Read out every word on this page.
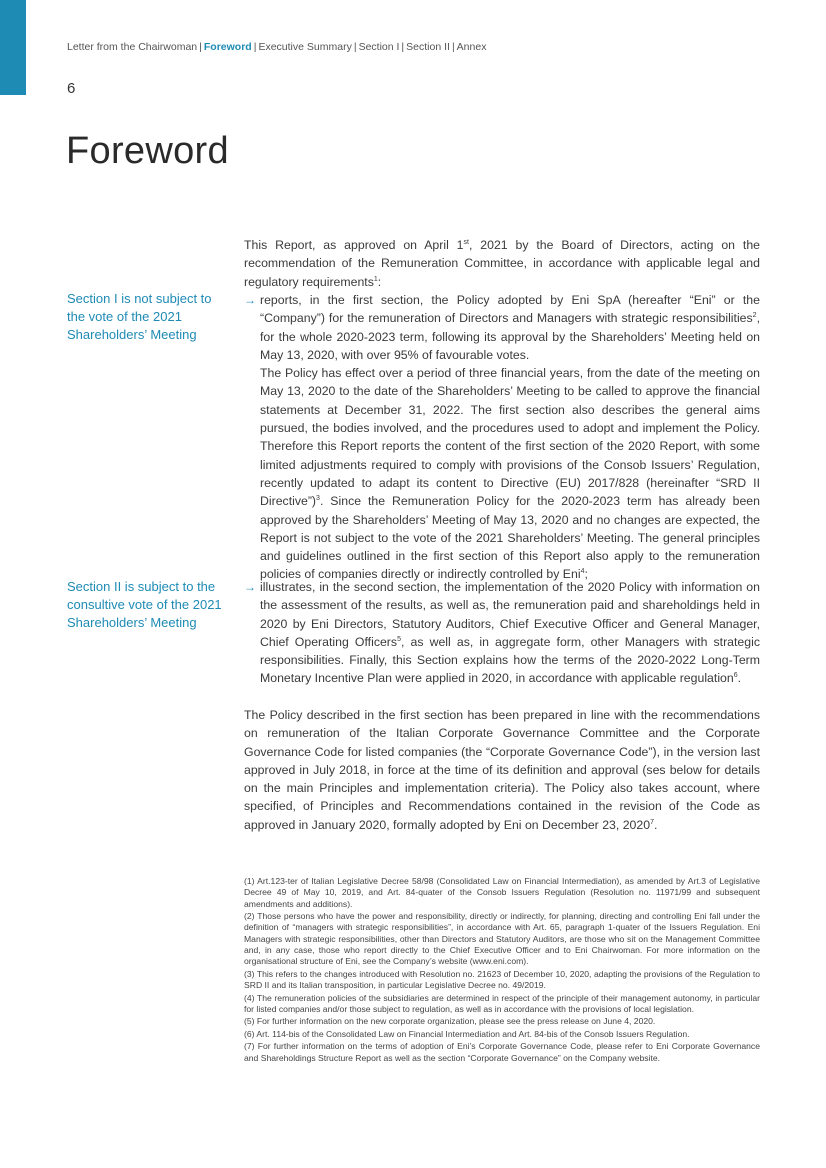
Letter from the Chairwoman | Foreword | Executive Summary | Section I | Section II | Annex
6
Foreword

Section I is not subject to the vote of the 2021 Shareholders’ Meeting

Section II is subject to the consultive vote of the 2021 Shareholders’ Meeting

This Report, as approved on April 1st, 2021 by the Board of Directors, acting on the recommendation of the Remuneration Committee, in accordance with applicable legal and regulatory requirements$^1$:

→ reports, in the first section, the Policy adopted by Eni SpA (hereafter “Eni” or the “Company”) for the remuneration of Directors and Managers with strategic responsibilities$^2$, for the whole 2020-2023 term, following its approval by the Shareholders’ Meeting held on May 13, 2020, with over 95% of favourable votes.

The Policy has effect over a period of three financial years, from the date of the meeting on May 13, 2020 to the date of the Shareholders’ Meeting to be called to approve the financial statements at December 31, 2022. The first section also describes the general aims pursued, the bodies involved, and the procedures used to adopt and implement the Policy. Therefore this Report reports the content of the first section of the 2020 Report, with some limited adjustments required to comply with provisions of the Consob Issuers’ Regulation, recently updated to adapt its content to Directive (EU) 2017/828 (hereinafter “SRD II Directive”)$^3$. Since the Remuneration Policy for the 2020-2023 term has already been approved by the Shareholders’ Meeting of May 13, 2020 and no changes are expected, the Report is not subject to the vote of the 2021 Shareholders’ Meeting. The general principles and guidelines outlined in the first section of this Report also apply to the remuneration policies of companies directly or indirectly controlled by Eni$^4$;

→ illustrates, in the second section, the implementation of the 2020 Policy with information on the assessment of the results, as well as, the remuneration paid and shareholdings held in 2020 by Eni Directors, Statutory Auditors, Chief Executive Officer and General Manager, Chief Operating Officers$^5$, as well as, in aggregate form, other Managers with strategic responsibilities. Finally, this Section explains how the terms of the 2020-2022 Long-Term Monetary Incentive Plan were applied in 2020, in accordance with applicable regulation$^6$.

The Policy described in the first section has been prepared in line with the recommendations on remuneration of the Italian Corporate Governance Committee and the Corporate Governance Code for listed companies (the “Corporate Governance Code”), in the version last approved in July 2018, in force at the time of its definition and approval (ses below for details on the main Principles and implementation criteria). The Policy also takes account, where specified, of Principles and Recommendations contained in the revision of the Code as approved in January 2020, formally adopted by Eni on December 23, 2020$^7$.

(1) Art.123-ter of Italian Legislative Decree 58/98 (Consolidated Law on Financial Intermediation), as amended by Art.3 of Legislative Decree 49 of May 10, 2019, and Art. 84-quater of the Consob Issuers Regulation (Resolution no. 11971/99 and subsequent amendments and additions).

(2) Those persons who have the power and responsibility, directly or indirectly, for planning, directing and controlling Eni fall under the definition of “managers with strategic responsibilities”, in accordance with Art. 65, paragraph 1-quater of the Issuers Regulation. Eni Managers with strategic responsibilities, other than Directors and Statutory Auditors, are those who sit on the Management Committee and, in any case, those who report directly to the Chief Executive Officer and to Eni Chairwoman. For more information on the organisational structure of Eni, see the Company’s website (www.eni.com).

(3) This refers to the changes introduced with Resolution no. 21623 of December 10, 2020, adapting the provisions of the Regulation to SRD II and its Italian transposition, in particular Legislative Decree no. 49/2019.

(4) The remuneration policies of the subsidiaries are determined in respect of the principle of their management autonomy, in particular for listed companies and/or those subject to regulation, as well as in accordance with the provisions of local legislation.

(5) For further information on the new corporate organization, please see the press release on June 4, 2020.

(6) Art. 114-bis of the Consolidated Law on Financial Intermediation and Art. 84-bis of the Consob Issuers Regulation.

(7) For further information on the terms of adoption of Eni’s Corporate Governance Code, please refer to Eni Corporate Governance and Shareholdings Structure Report as well as the section “Corporate Governance” on the Company website.
